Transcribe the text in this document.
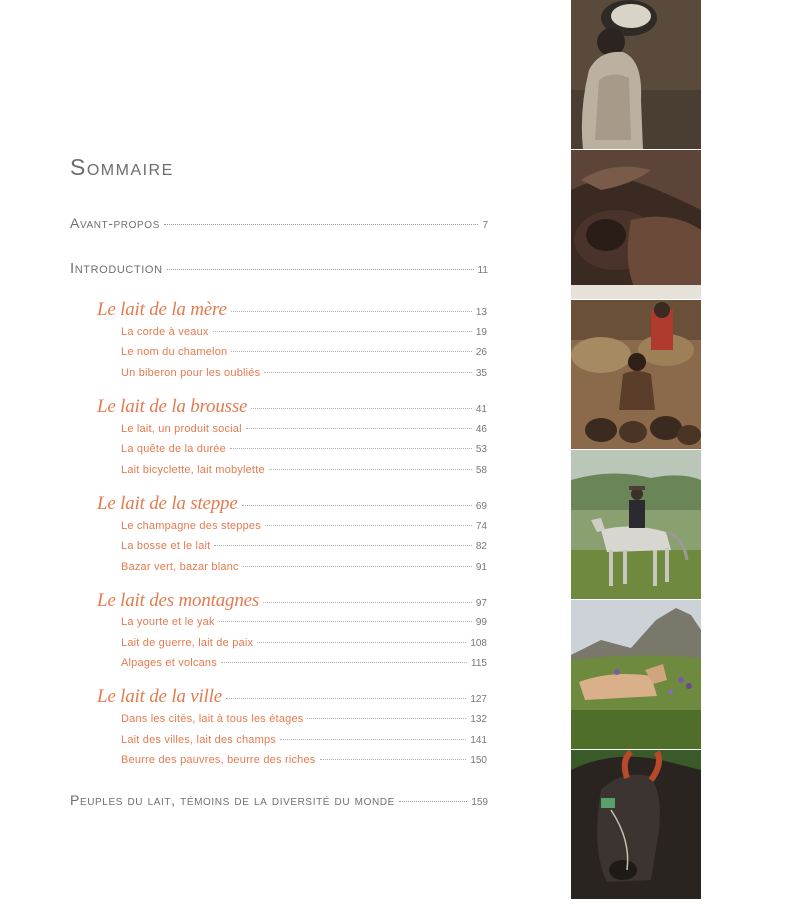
Sommaire
Avant-propos	7
Introduction	11
Le lait de la mère	13
La corde à veaux	19
Le nom du chamelon	26
Un biberon pour les oubliés	35
Le lait de la brousse	41
Le lait, un produit social	46
La quête de la durée	53
Lait bicyclette, lait mobylette	58
Le lait de la steppe	69
Le champagne des steppes	74
La bosse et le lait	82
Bazar vert, bazar blanc	91
Le lait des montagnes	97
La yourte et le yak	99
Lait de guerre, lait de paix	108
Alpages et volcans	115
Le lait de la ville	127
Dans les cités, lait à tous les étages	132
Lait des villes, lait des champs	141
Beurre des pauvres, beurre des riches	150
Peuples du lait, témoins de la diversité du monde	159
